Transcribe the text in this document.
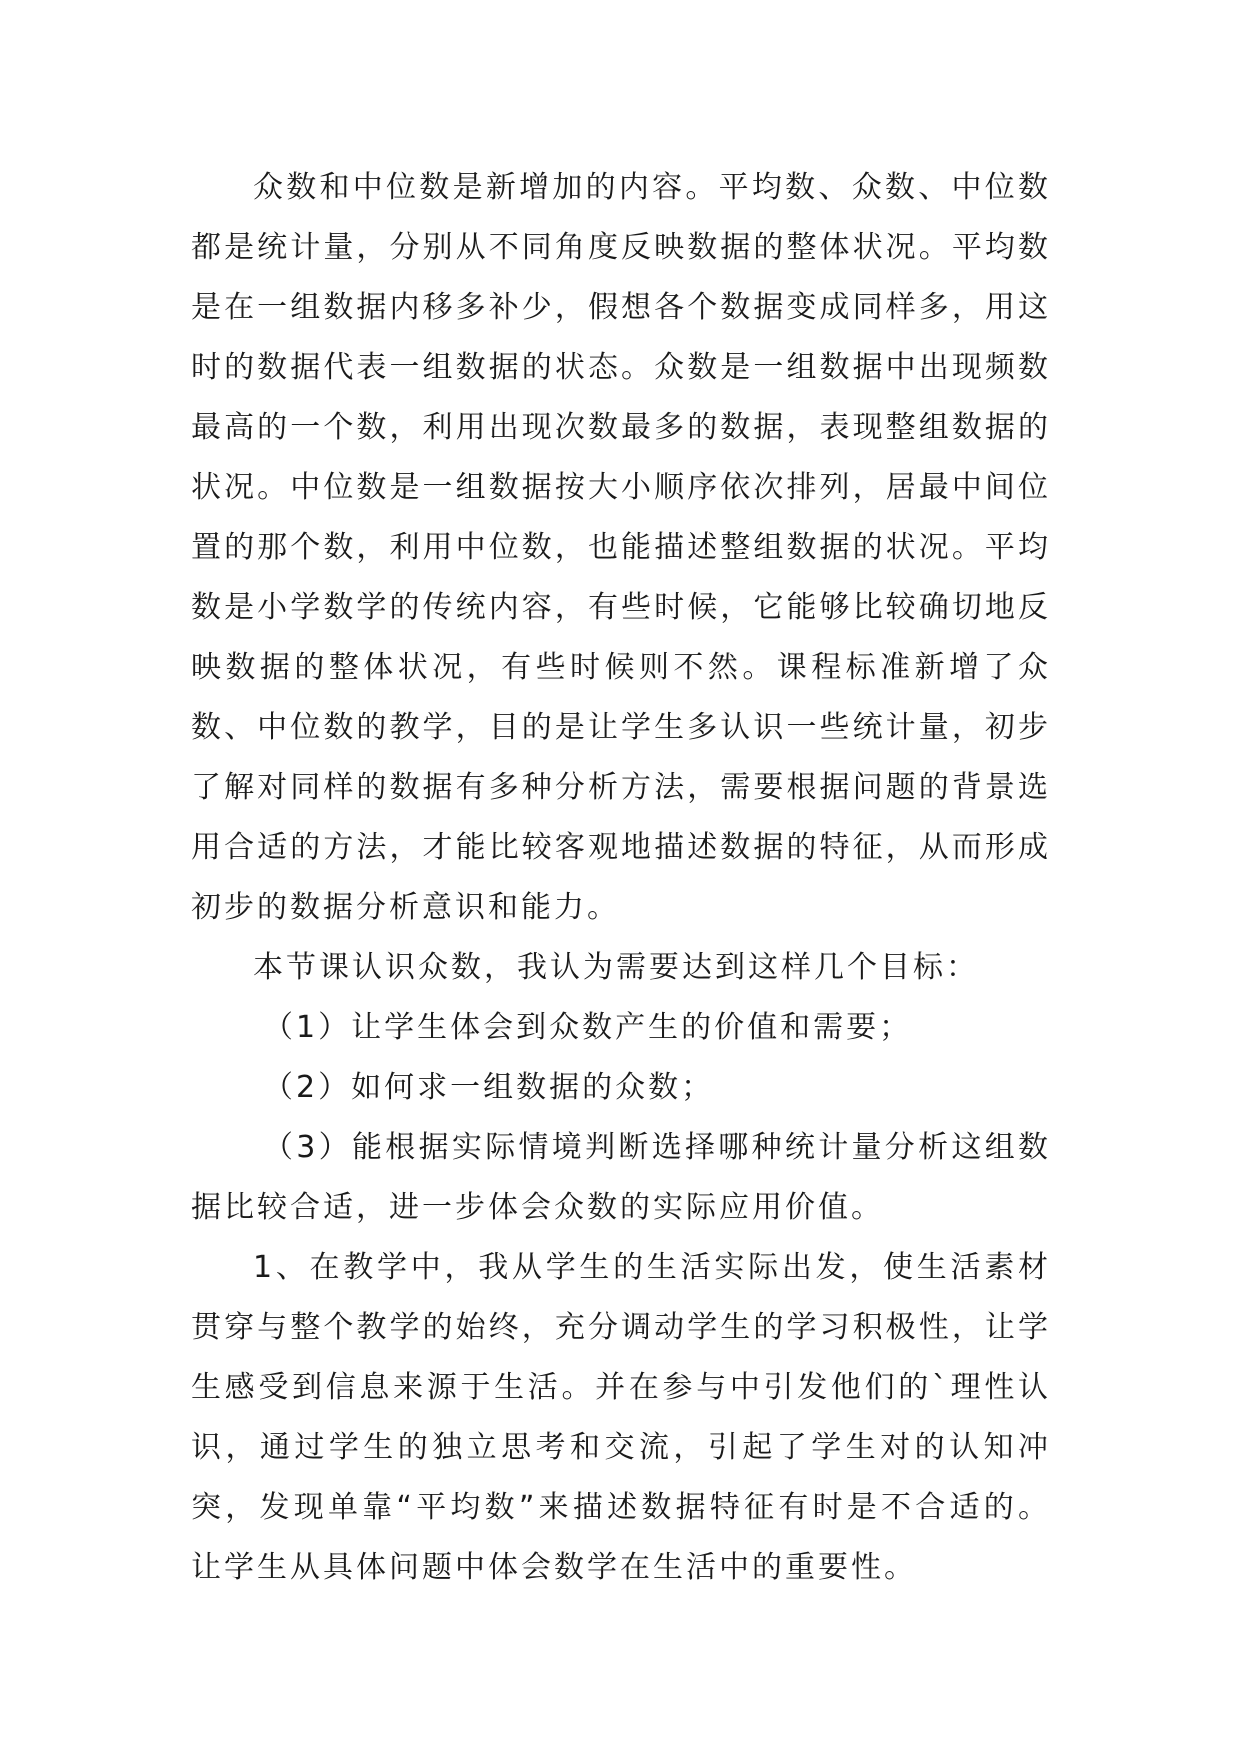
众数和中位数是新增加的内容。平均数、众数、中位数都是统计量，分别从不同角度反映数据的整体状况。平均数是在一组数据内移多补少，假想各个数据变成同样多，用这时的数据代表一组数据的状态。众数是一组数据中出现频数最高的一个数，利用出现次数最多的数据，表现整组数据的状况。中位数是一组数据按大小顺序依次排列，居最中间位置的那个数，利用中位数，也能描述整组数据的状况。平均数是小学数学的传统内容，有些时候，它能够比较确切地反映数据的整体状况，有些时候则不然。课程标准新增了众数、中位数的教学，目的是让学生多认识一些统计量，初步了解对同样的数据有多种分析方法，需要根据问题的背景选用合适的方法，才能比较客观地描述数据的特征，从而形成初步的数据分析意识和能力。

本节课认识众数，我认为需要达到这样几个目标：

（1）让学生体会到众数产生的价值和需要；

（2）如何求一组数据的众数；

（3）能根据实际情境判断选择哪种统计量分析这组数据比较合适，进一步体会众数的实际应用价值。

1、在教学中，我从学生的生活实际出发，使生活素材贯穿与整个教学的始终，充分调动学生的学习积极性，让学生感受到信息来源于生活。并在参与中引发他们的`理性认识，通过学生的独立思考和交流，引起了学生对的认知冲突，发现单靠“平均数”来描述数据特征有时是不合适的。让学生从具体问题中体会数学在生活中的重要性。
